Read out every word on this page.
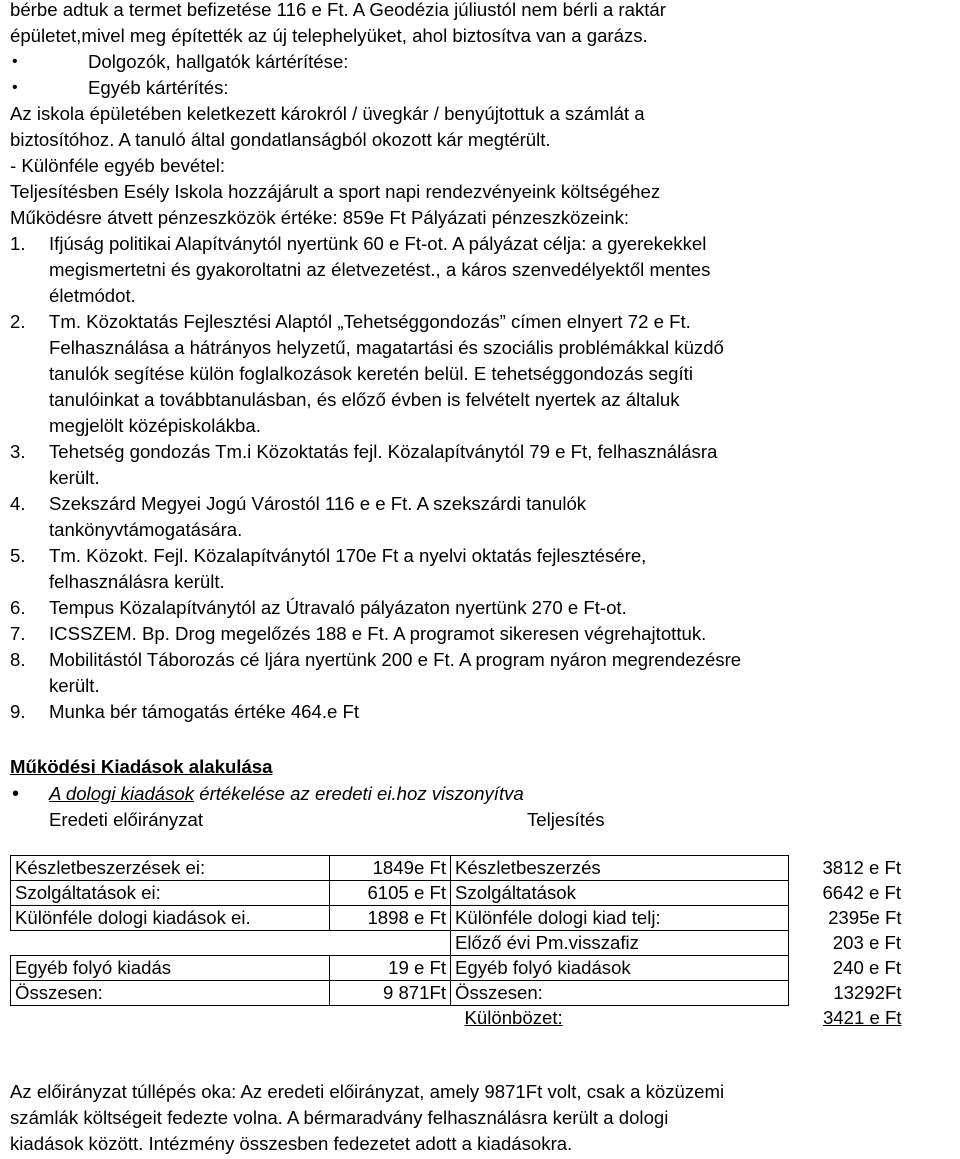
bérbe adtuk a termet befizetése 116 e Ft. A Geodézia júliustól nem bérli a raktár
épületet,mivel meg építették az új telephelyüket, ahol biztosítva van a garázs.
•	Dolgozók, hallgatók kártérítése:
•	Egyéb kártérítés:
Az iskola épületében keletkezett károkról / üvegkár / benyújtottuk a számlát a
biztosítóhoz. A tanuló által gondatlanságból okozott kár megtérült.
- Különféle egyéb bevétel:
Teljesítésben Esély Iskola hozzájárult a sport napi rendezvényeink költségéhez
Működésre átvett pénzeszközök értéke: 859e Ft Pályázati pénzeszközeink:
1. Ifjúság politikai Alapítványtól nyertünk 60 e Ft-ot. A pályázat célja: a gyerekekkel
megismertetni és gyakoroltatni az életvezetést., a káros szenvedélyektől mentes
életmódot.
2. Tm. Közoktatás Fejlesztési Alaptól „Tehetséggondozás” címen elnyert 72 e Ft.
Felhasználása a hátrányos helyzetű, magatartási és szociális problémákkal küzdő
tanulók segítése külön foglalkozások keretén belül. E tehetséggondozás segíti
tanulóinkat a továbbtanulásban, és előző évben is felvételt nyertek az általuk
megjelölt középiskolákba.
3. Tehetség gondozás Tm.i Közoktatás fejl. Közalapítványtól 79 e Ft, felhasználásra
került.
4. Szekszárd Megyei Jogú Várostól 116 e e Ft. A szekszárdi tanulók
tankönyvtámogatására.
5. Tm. Közokt. Fejl. Közalapítványtól 170e Ft a nyelvi oktatás fejlesztésére,
felhasználásra került.
6. Tempus Közalapítványtól az Útravaló pályázaton nyertünk 270 e Ft-ot.
7. ICSSZEM. Bp. Drog megelőzés 188 e Ft. A programot sikeresen végrehajtottuk.
8. Mobilitástól Táborozás cé ljára nyertünk 200 e Ft. A program nyáron megrendezésre
került.
9. Munka bér támogatás értéke 464.e Ft
Működési Kiadások alakulása
• A dologi kiadások értékelése az eredeti ei.hoz viszonyítva
Eredeti előirányzat	Teljesítés
Készletbeszerzések ei:	1849e Ft	Készletbeszerzés	3812 e Ft
Szolgáltatások ei:	6105 e Ft	Szolgáltatások	6642 e Ft
Különféle dologi kiadások ei.	1898 e Ft	Különféle dologi kiad telj:	2395e Ft
		Előző évi Pm.visszafiz	203 e Ft
Egyéb folyó kiadás	19 e Ft	Egyéb folyó kiadások	240 e Ft
Összesen:	9 871Ft	Összesen:	13292Ft
		Különbözet:	3421 e Ft
Az előirányzat túllépés oka: Az eredeti előirányzat, amely 9871Ft volt, csak a közüzemi
számlák költségeit fedezte volna. A bérmaradvány felhasználásra került a dologi
kiadások között. Intézmény összesben fedezetet adott a kiadásokra.
